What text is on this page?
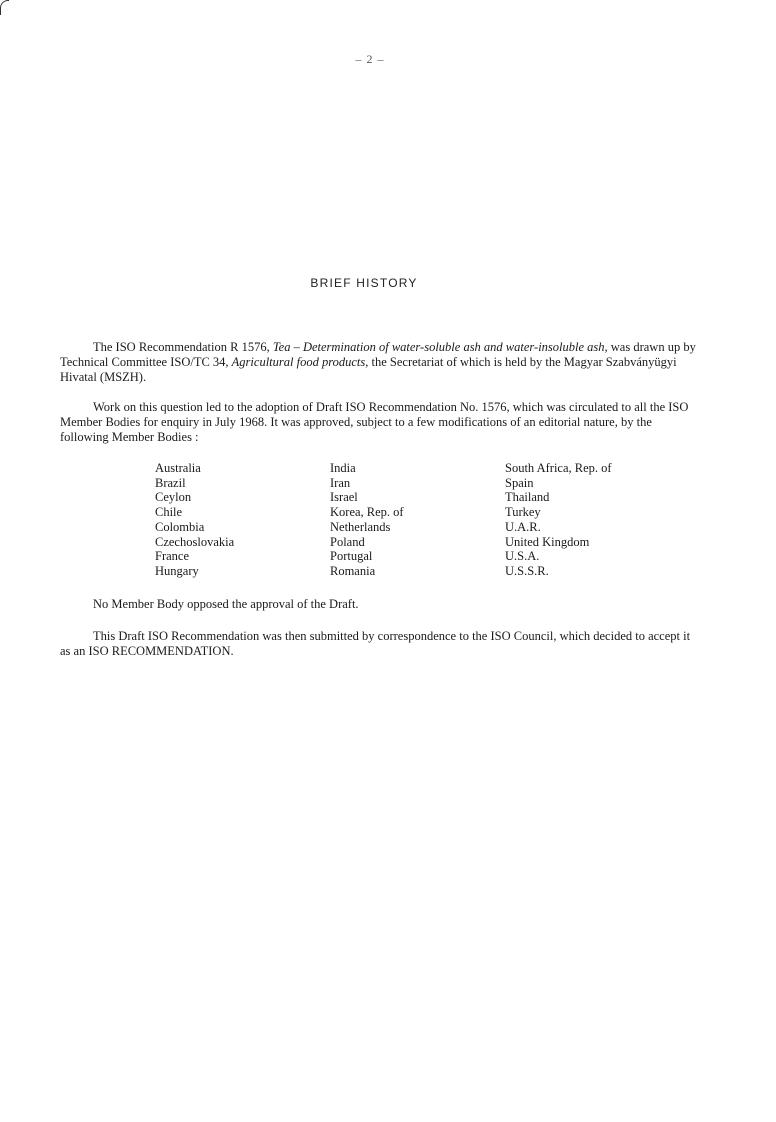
– 2 –
BRIEF HISTORY

The ISO Recommendation R 1576, Tea – Determination of water-soluble ash and water-insoluble ash, was drawn up by Technical Committee ISO/TC 34, Agricultural food products, the Secretariat of which is held by the Magyar Szabványügyi Hivatal (MSZH).

Work on this question led to the adoption of Draft ISO Recommendation No. 1576, which was circulated to all the ISO Member Bodies for enquiry in July 1968. It was approved, subject to a few modifications of an editorial nature, by the following Member Bodies :

Australia
Brazil
Ceylon
Chile
Colombia
Czechoslovakia
France
Hungary
India
Iran
Israel
Korea, Rep. of
Netherlands
Poland
Portugal
Romania
South Africa, Rep. of
Spain
Thailand
Turkey
U.A.R.
United Kingdom
U.S.A.
U.S.S.R.

No Member Body opposed the approval of the Draft.

This Draft ISO Recommendation was then submitted by correspondence to the ISO Council, which decided to accept it as an ISO RECOMMENDATION.
